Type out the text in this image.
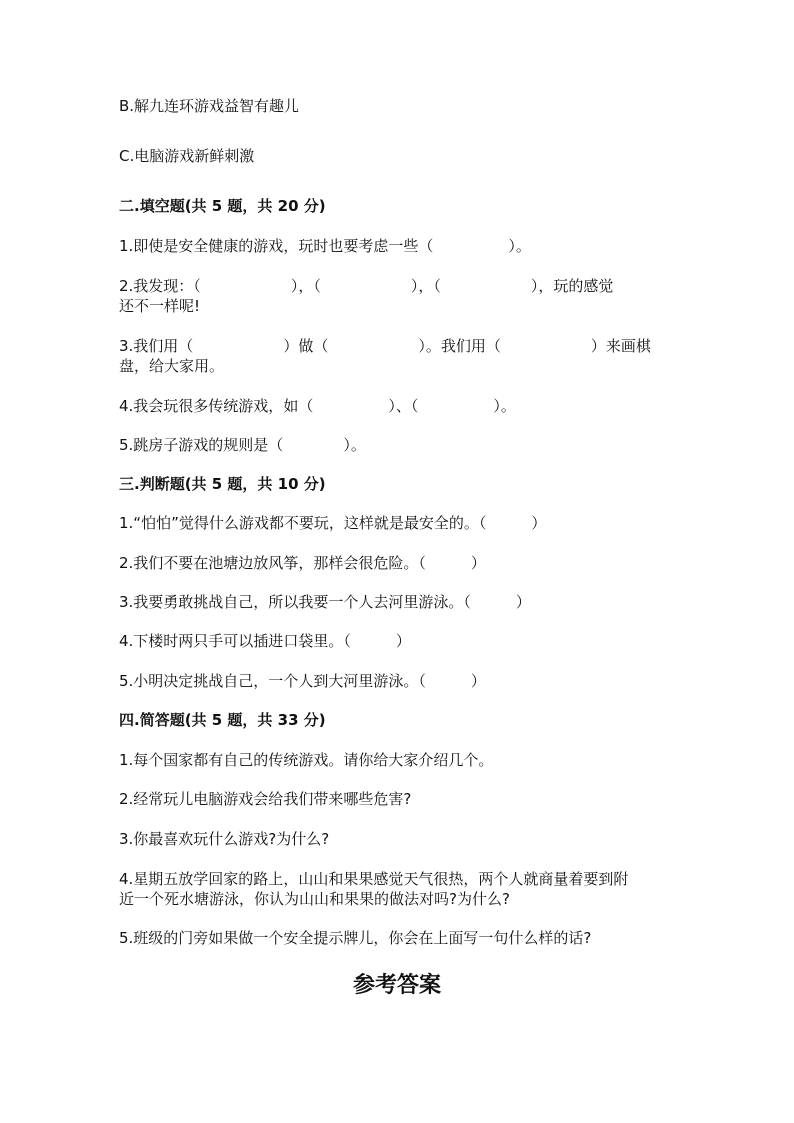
B.解九连环游戏益智有趣儿
C.电脑游戏新鲜刺激
二.填空题(共 5 题，共 20 分)
1.即使是安全健康的游戏，玩时也要考虑一些（　　　　　）。
2.我发现：（　　　　　　），（　　　　　　），（　　　　　　），玩的感觉
还不一样呢!
3.我们用（　　　　　　）做（　　　　　　）。我们用（　　　　　　）来画棋
盘，给大家用。
4.我会玩很多传统游戏，如（　　　　　）、（　　　　　）。
5.跳房子游戏的规则是（　　　　）。
三.判断题(共 5 题，共 10 分)
1.“怕怕”觉得什么游戏都不要玩，这样就是最安全的。（　　　）
2.我们不要在池塘边放风筝，那样会很危险。（　　　）
3.我要勇敢挑战自己，所以我要一个人去河里游泳。（　　　）
4.下楼时两只手可以插进口袋里。（　　　）
5.小明决定挑战自己，一个人到大河里游泳。（　　　）
四.简答题(共 5 题，共 33 分)
1.每个国家都有自己的传统游戏。请你给大家介绍几个。
2.经常玩儿电脑游戏会给我们带来哪些危害?
3.你最喜欢玩什么游戏?为什么?
4.星期五放学回家的路上，山山和果果感觉天气很热，两个人就商量着要到附
近一个死水塘游泳，你认为山山和果果的做法对吗?为什么?
5.班级的门旁如果做一个安全提示牌儿，你会在上面写一句什么样的话?
参考答案
